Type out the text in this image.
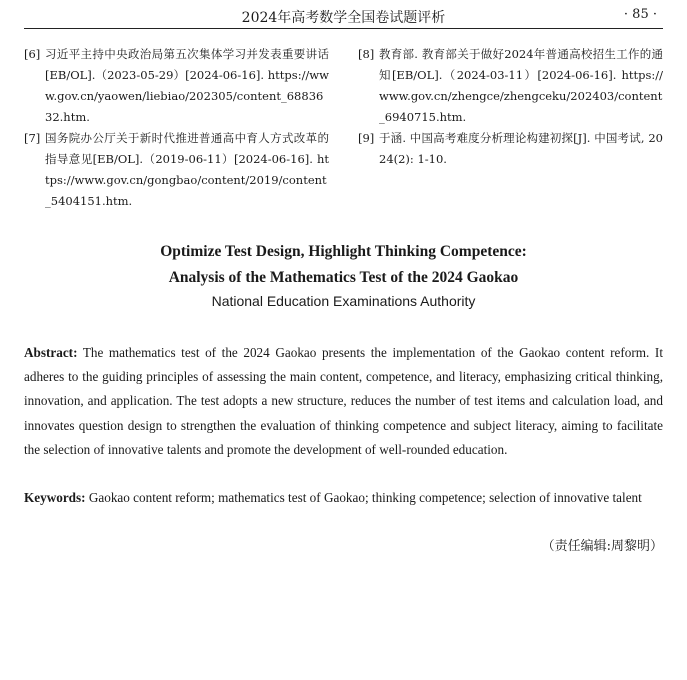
2024年高考数学全国卷试题评析	· 85 ·
[6] 习近平主持中央政治局第五次集体学习并发表重要讲话[EB/OL].（2023-05-29）[2024-06-16]. https://www.gov.cn/yaowen/liebiao/202305/content_6883632.htm.
[7] 国务院办公厅关于新时代推进普通高中育人方式改革的指导意见[EB/OL].（2019-06-11）[2024-06-16]. https://www.gov.cn/gongbao/content/2019/content_5404151.htm.
[8] 教育部. 教育部关于做好2024年普通高校招生工作的通知[EB/OL].（2024-03-11）[2024-06-16]. https://www.gov.cn/zhengce/zhengceku/202403/content_6940715.htm.
[9] 于涵. 中国高考难度分析理论构建初探[J]. 中国考试, 2024(2): 1-10.
Optimize Test Design, Highlight Thinking Competence:
Analysis of the Mathematics Test of the 2024 Gaokao
National Education Examinations Authority
Abstract: The mathematics test of the 2024 Gaokao presents the implementation of the Gaokao content reform. It adheres to the guiding principles of assessing the main content, competence, and literacy, emphasizing critical thinking, innovation, and application. The test adopts a new structure, reduces the number of test items and calculation load, and innovates question design to strengthen the evaluation of thinking competence and subject literacy, aiming to facilitate the selection of innovative talents and promote the development of well-rounded education.
Keywords: Gaokao content reform; mathematics test of Gaokao; thinking competence; selection of innovative talent
（责任编辑:周黎明）
